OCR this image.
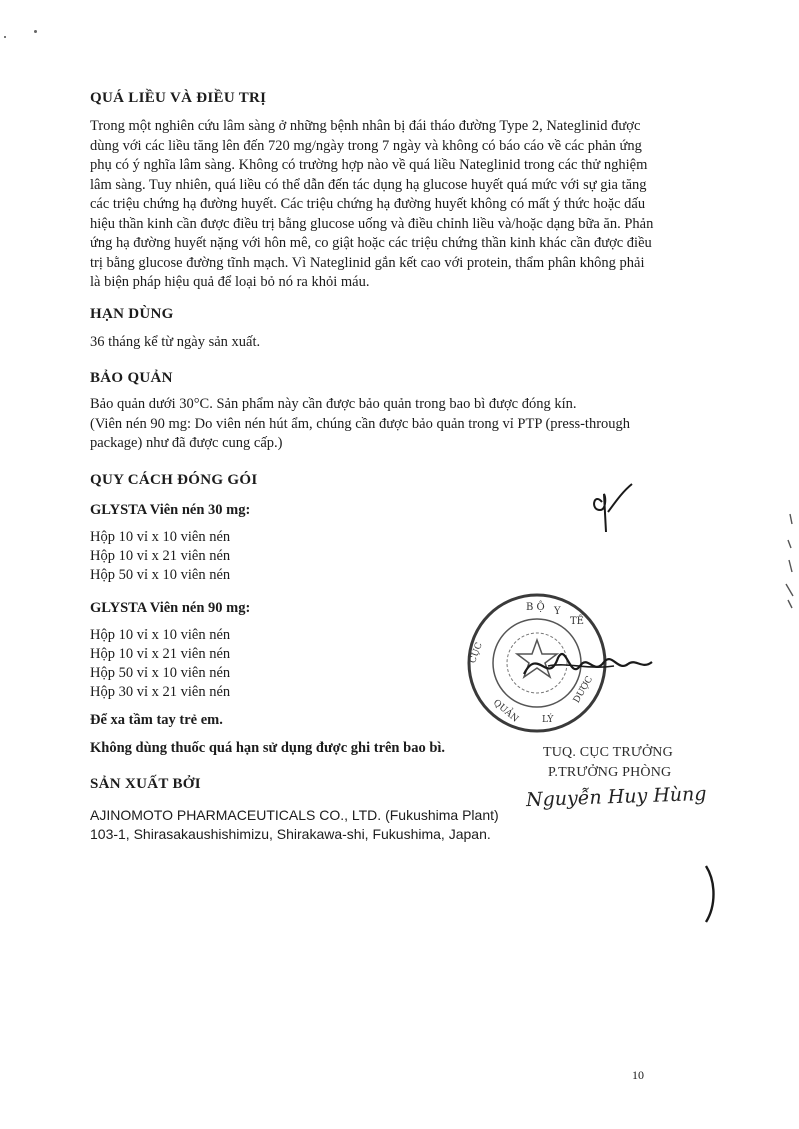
QUÁ LIỀU VÀ ĐIỀU TRỊ

Trong một nghiên cứu lâm sàng ở những bệnh nhân bị đái tháo đường Type 2, Nateglinid được

dùng với các liều tăng lên đến 720 mg/ngày trong 7 ngày và không có báo cáo về các phản ứng

phụ có ý nghĩa lâm sàng. Không có trường hợp nào về quá liều Nateglinid trong các thử nghiệm

lâm sàng. Tuy nhiên, quá liều có thể dẫn đến tác dụng hạ glucose huyết quá mức với sự gia tăng

các triệu chứng hạ đường huyết. Các triệu chứng hạ đường huyết không có mất ý thức hoặc dấu

hiệu thần kinh cần được điều trị bằng glucose uống và điều chỉnh liều và/hoặc dạng bữa ăn. Phản

ứng hạ đường huyết nặng với hôn mê, co giật hoặc các triệu chứng thần kinh khác cần được điều

trị bằng glucose đường tĩnh mạch. Vì Nateglinid gắn kết cao với protein, thẩm phân không phải

là biện pháp hiệu quả để loại bỏ nó ra khỏi máu.

HẠN DÙNG

36 tháng kể từ ngày sản xuất.

BẢO QUẢN

Bảo quản dưới 30°C. Sản phẩm này cần được bảo quản trong bao bì được đóng kín.

(Viên nén 90 mg: Do viên nén hút ẩm, chúng cần được bảo quản trong vỉ PTP (press-through

package) như đã được cung cấp.)

QUY CÁCH ĐÓNG GÓI
GLYSTA Viên nén 30 mg:
Hộp 10 vỉ x 10 viên nén
Hộp 10 vỉ x 21 viên nén
Hộp 50 vỉ x 10 viên nén
GLYSTA Viên nén 90 mg:
Hộp 10 vỉ x 10 viên nén
Hộp 10 vỉ x 21 viên nén
Hộp 50 vỉ x 10 viên nén
Hộp 30 vỉ x 21 viên nén
Để xa tầm tay trẻ em.
Không dùng thuốc quá hạn sử dụng được ghi trên bao bì.
SẢN XUẤT BỞI
AJINOMOTO PHARMACEUTICALS CO., LTD. (Fukushima Plant)
103-1, Shirasakaushishimizu, Shirakawa-shi, Fukushima, Japan.
TUQ. CỤC TRƯỞNG
P.TRƯỞNG PHÒNG
Nguyễn Huy Hùng
B Ộ Y
TẾ
CỤC
QUẢN LÝ
DƯỢC
10
